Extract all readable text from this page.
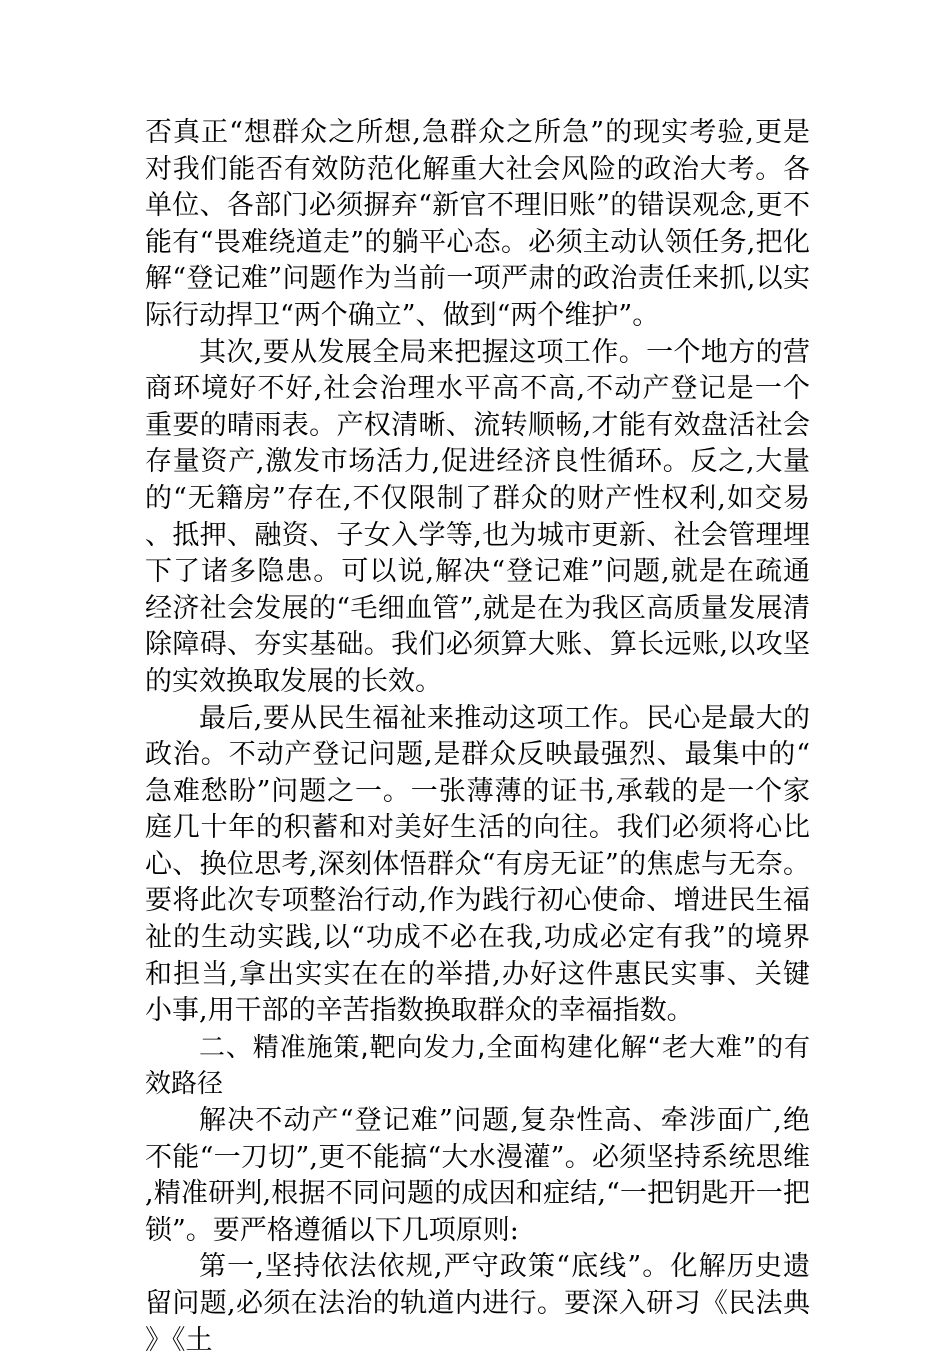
否真正“想群众之所想,急群众之所急”的现实考验,更是对我们能否有效防范化解重大社会风险的政治大考。各单位、各部门必须摒弃“新官不理旧账”的错误观念,更不能有“畏难绕道走”的躺平心态。必须主动认领任务,把化解“登记难”问题作为当前一项严肃的政治责任来抓,以实际行动捍卫“两个确立”、做到“两个维护”。

其次,要从发展全局来把握这项工作。一个地方的营商环境好不好,社会治理水平高不高,不动产登记是一个重要的晴雨表。产权清晰、流转顺畅,才能有效盘活社会存量资产,激发市场活力,促进经济良性循环。反之,大量的“无籍房”存在,不仅限制了群众的财产性权利,如交易、抵押、融资、子女入学等,也为城市更新、社会管理埋下了诸多隐患。可以说,解决“登记难”问题,就是在疏通经济社会发展的“毛细血管”,就是在为我区高质量发展清除障碍、夯实基础。我们必须算大账、算长远账,以攻坚的实效换取发展的长效。

最后,要从民生福祉来推动这项工作。民心是最大的政治。不动产登记问题,是群众反映最强烈、最集中的“急难愁盼”问题之一。一张薄薄的证书,承载的是一个家庭几十年的积蓄和对美好生活的向往。我们必须将心比心、换位思考,深刻体悟群众“有房无证”的焦虑与无奈。要将此次专项整治行动,作为践行初心使命、增进民生福祉的生动实践,以“功成不必在我,功成必定有我”的境界和担当,拿出实实在在的举措,办好这件惠民实事、关键小事,用干部的辛苦指数换取群众的幸福指数。

二、精准施策,靶向发力,全面构建化解“老大难”的有效路径

解决不动产“登记难”问题,复杂性高、牵涉面广,绝不能“一刀切”,更不能搞“大水漫灌”。必须坚持系统思维,精准研判,根据不同问题的成因和症结,“一把钥匙开一把锁”。要严格遵循以下几项原则:

第一,坚持依法依规,严守政策“底线”。化解历史遗留问题,必须在法治的轨道内进行。要深入研习《民法典》《土
